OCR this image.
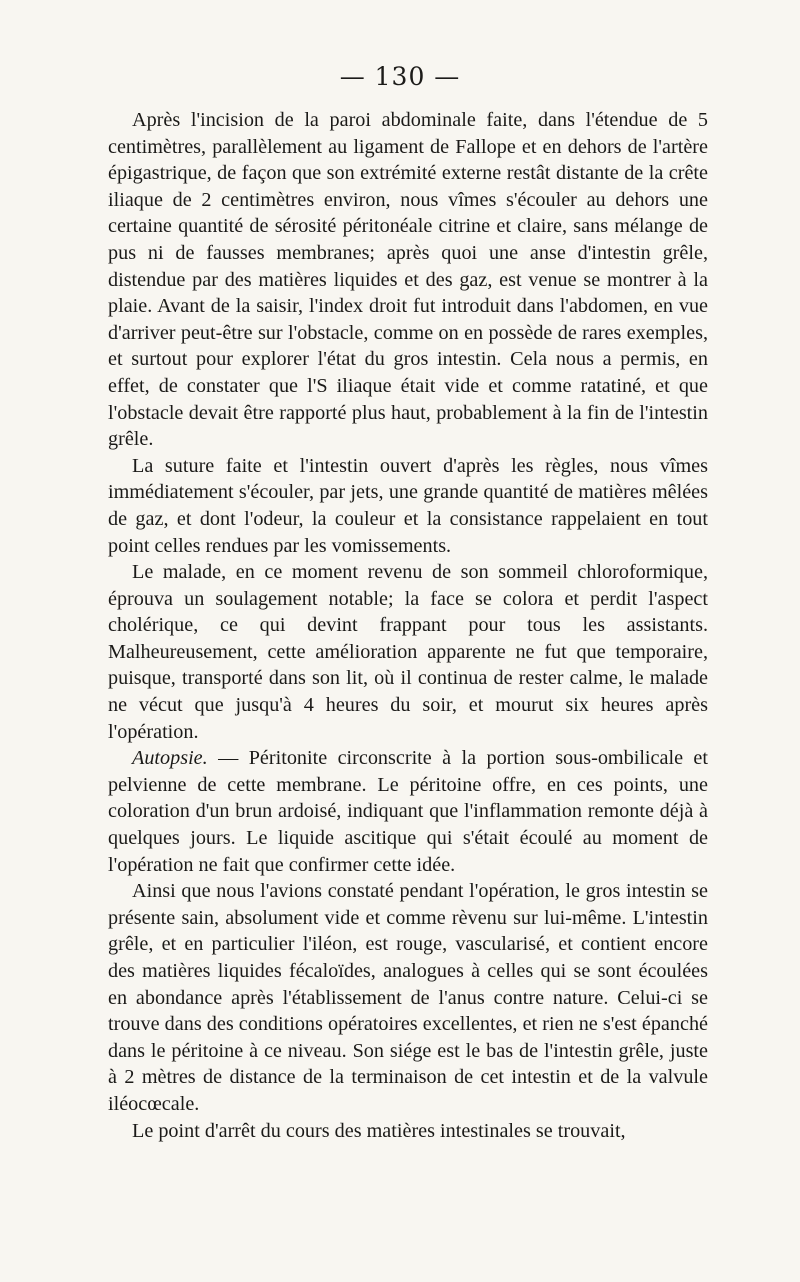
— 130 —

Après l'incision de la paroi abdominale faite, dans l'étendue de 5 centimètres, parallèlement au ligament de Fallope et en dehors de l'artère épigastrique, de façon que son extrémité externe restât distante de la crête iliaque de 2 centimètres environ, nous vîmes s'écouler au dehors une certaine quantité de sérosité péritonéale citrine et claire, sans mélange de pus ni de fausses membranes; après quoi une anse d'intestin grêle, distendue par des matières liquides et des gaz, est venue se montrer à la plaie. Avant de la saisir, l'index droit fut introduit dans l'abdomen, en vue d'arriver peut-être sur l'obstacle, comme on en possède de rares exemples, et surtout pour explorer l'état du gros intestin. Cela nous a permis, en effet, de constater que l'S iliaque était vide et comme ratatiné, et que l'obstacle devait être rapporté plus haut, probablement à la fin de l'intestin grêle.

La suture faite et l'intestin ouvert d'après les règles, nous vîmes immédiatement s'écouler, par jets, une grande quantité de matières mêlées de gaz, et dont l'odeur, la couleur et la consistance rappelaient en tout point celles rendues par les vomissements.

Le malade, en ce moment revenu de son sommeil chloroformique, éprouva un soulagement notable; la face se colora et perdit l'aspect cholérique, ce qui devint frappant pour tous les assistants. Malheureusement, cette amélioration apparente ne fut que temporaire, puisque, transporté dans son lit, où il continua de rester calme, le malade ne vécut que jusqu'à 4 heures du soir, et mourut six heures après l'opération.

Autopsie. — Péritonite circonscrite à la portion sous-ombilicale et pelvienne de cette membrane. Le péritoine offre, en ces points, une coloration d'un brun ardoisé, indiquant que l'inflammation remonte déjà à quelques jours. Le liquide ascitique qui s'était écoulé au moment de l'opération ne fait que confirmer cette idée.

Ainsi que nous l'avions constaté pendant l'opération, le gros intestin se présente sain, absolument vide et comme rèvenu sur lui-même. L'intestin grêle, et en particulier l'iléon, est rouge, vascularisé, et contient encore des matières liquides fécaloïdes, analogues à celles qui se sont écoulées en abondance après l'établissement de l'anus contre nature. Celui-ci se trouve dans des conditions opératoires excellentes, et rien ne s'est épanché dans le péritoine à ce niveau. Son siége est le bas de l'intestin grêle, juste à 2 mètres de distance de la terminaison de cet intestin et de la valvule iléocœcale.

Le point d'arrêt du cours des matières intestinales se trouvait,
